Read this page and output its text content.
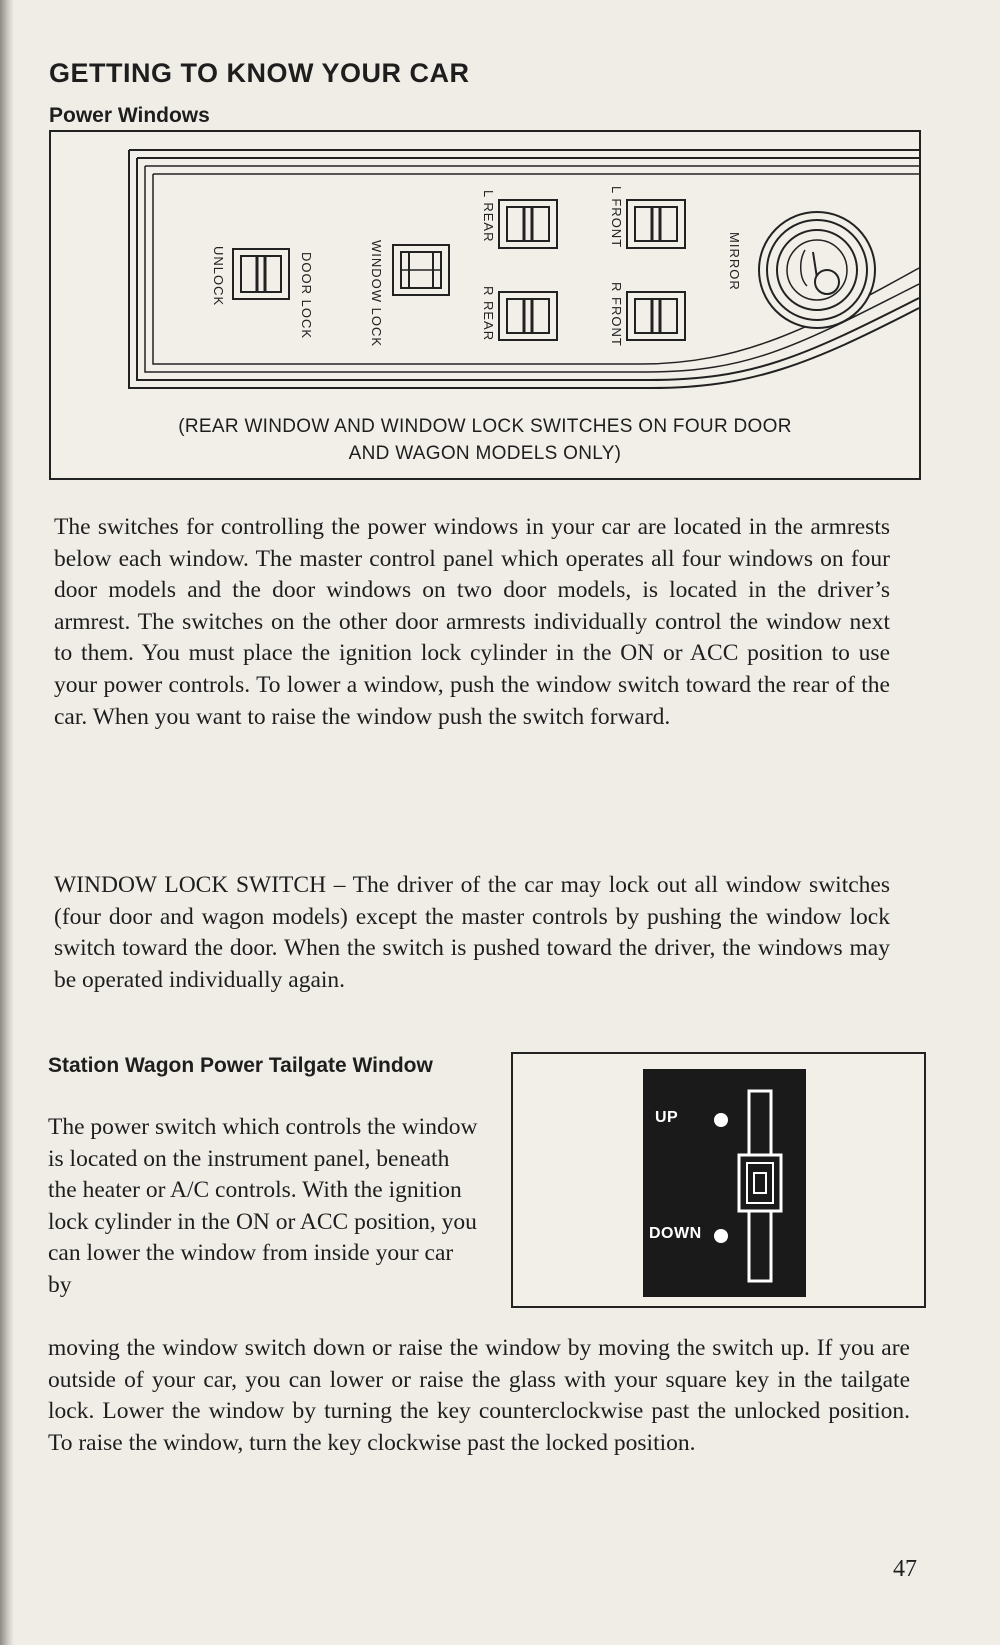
GETTING TO KNOW YOUR CAR
Power Windows
UNLOCK	DOOR LOCK	WINDOW LOCK
L REAR
R REAR
L FRONT
R FRONT
MIRROR
(REAR WINDOW AND WINDOW LOCK SWITCHES ON FOUR DOOR
AND WAGON MODELS ONLY)

The switches for controlling the power windows in your car are located in the armrests below each window. The master control panel which operates all four windows on four door models and the door windows on two door models, is located in the driver’s armrest. The switches on the other door armrests individually control the window next to them. You must place the ignition lock cylinder in the ON or ACC position to use your power controls. To lower a window, push the window switch toward the rear of the car. When you want to raise the window push the switch forward.

WINDOW LOCK SWITCH – The driver of the car may lock out all window switches (four door and wagon models) except the master controls by pushing the window lock switch toward the door. When the switch is pushed toward the driver, the windows may be operated individually again.

Station Wagon Power Tailgate Window

The power switch which controls the window is located on the instrument panel, beneath the heater or A/C controls. With the ignition lock cylinder in the ON or ACC position, you can lower the window from inside your car by

moving the window switch down or raise the window by moving the switch up. If you are outside of your car, you can lower or raise the glass with your square key in the tailgate lock. Lower the window by turning the key counterclockwise past the unlocked position. To raise the window, turn the key clockwise past the locked position.

UP
DOWN

47
